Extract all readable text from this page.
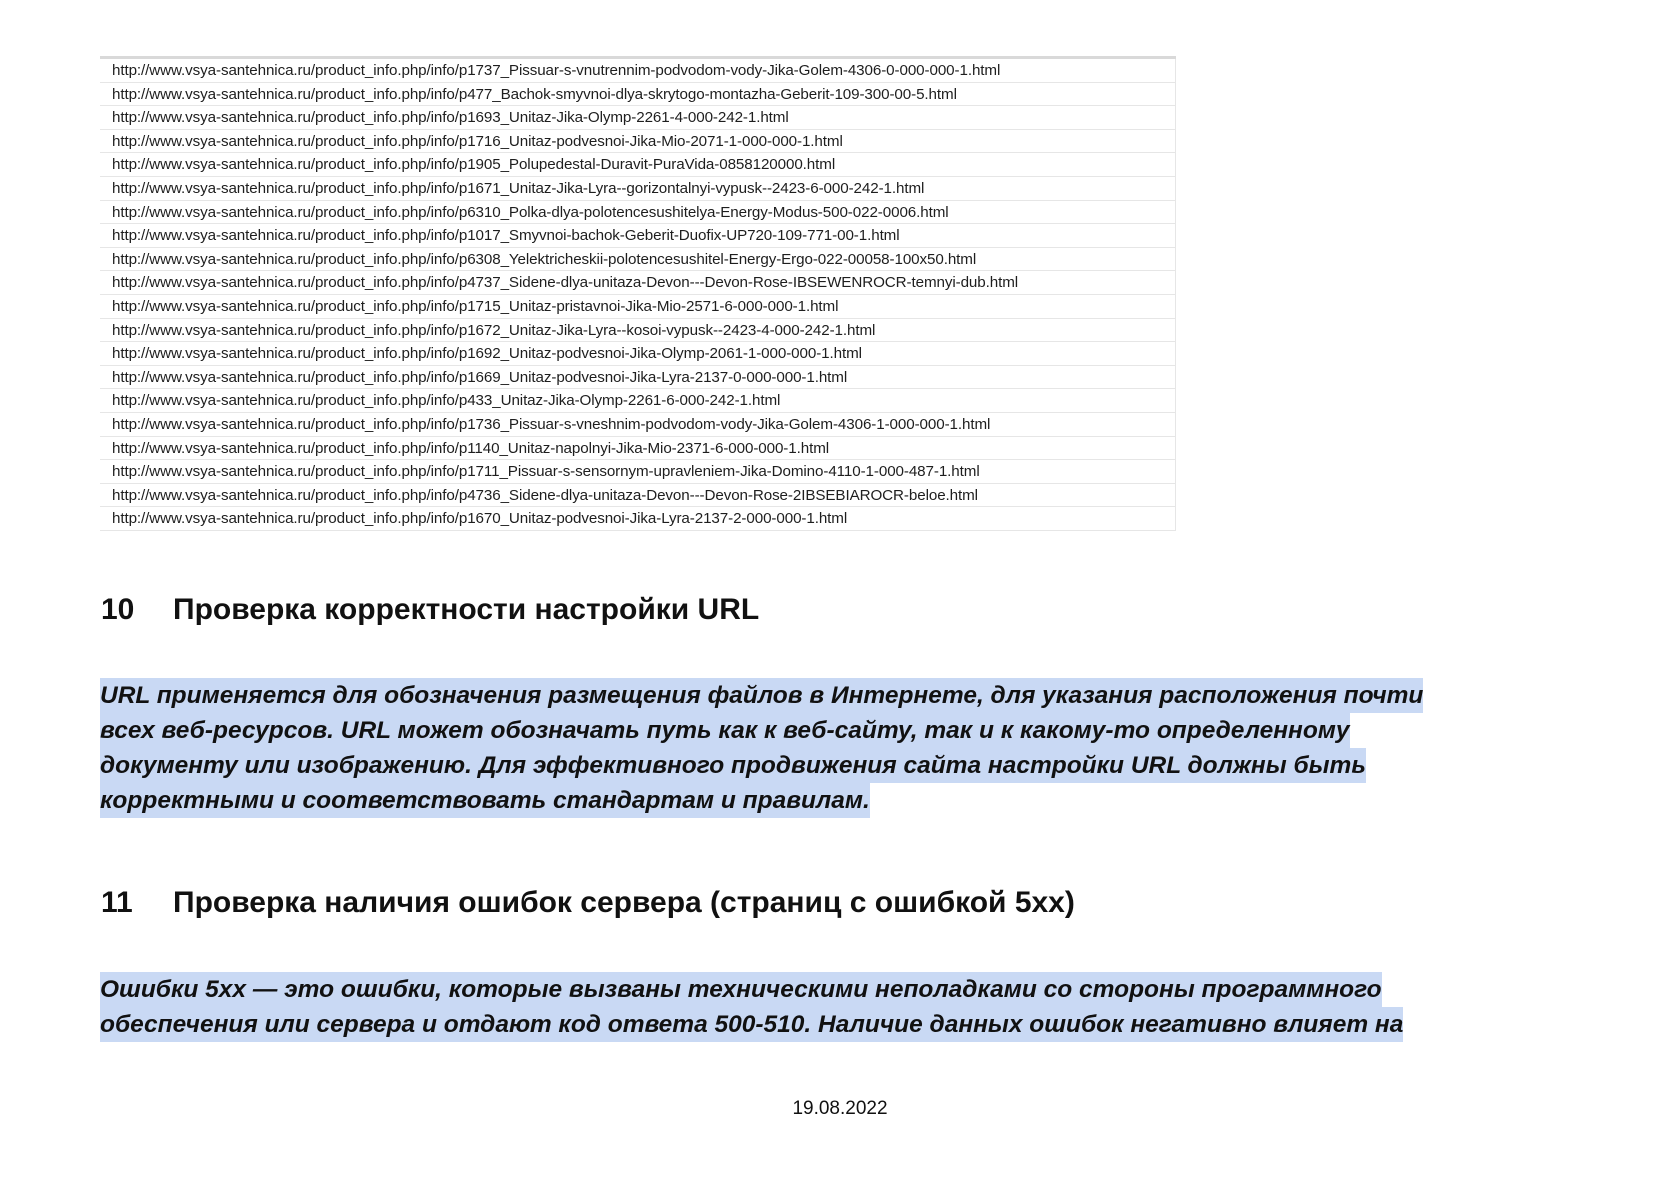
http://www.vsya-santehnica.ru/product_info.php/info/p1737_Pissuar-s-vnutrennim-podvodom-vody-Jika-Golem-4306-0-000-000-1.html
http://www.vsya-santehnica.ru/product_info.php/info/p477_Bachok-smyvnoi-dlya-skrytogo-montazha-Geberit-109-300-00-5.html
http://www.vsya-santehnica.ru/product_info.php/info/p1693_Unitaz-Jika-Olymp-2261-4-000-242-1.html
http://www.vsya-santehnica.ru/product_info.php/info/p1716_Unitaz-podvesnoi-Jika-Mio-2071-1-000-000-1.html
http://www.vsya-santehnica.ru/product_info.php/info/p1905_Polupedestal-Duravit-PuraVida-0858120000.html
http://www.vsya-santehnica.ru/product_info.php/info/p1671_Unitaz-Jika-Lyra--gorizontalnyi-vypusk--2423-6-000-242-1.html
http://www.vsya-santehnica.ru/product_info.php/info/p6310_Polka-dlya-polotencesushitelya-Energy-Modus-500-022-0006.html
http://www.vsya-santehnica.ru/product_info.php/info/p1017_Smyvnoi-bachok-Geberit-Duofix-UP720-109-771-00-1.html
http://www.vsya-santehnica.ru/product_info.php/info/p6308_Yelektricheskii-polotencesushitel-Energy-Ergo-022-00058-100x50.html
http://www.vsya-santehnica.ru/product_info.php/info/p4737_Sidene-dlya-unitaza-Devon---Devon-Rose-IBSEWENROCR-temnyi-dub.html
http://www.vsya-santehnica.ru/product_info.php/info/p1715_Unitaz-pristavnoi-Jika-Mio-2571-6-000-000-1.html
http://www.vsya-santehnica.ru/product_info.php/info/p1672_Unitaz-Jika-Lyra--kosoi-vypusk--2423-4-000-242-1.html
http://www.vsya-santehnica.ru/product_info.php/info/p1692_Unitaz-podvesnoi-Jika-Olymp-2061-1-000-000-1.html
http://www.vsya-santehnica.ru/product_info.php/info/p1669_Unitaz-podvesnoi-Jika-Lyra-2137-0-000-000-1.html
http://www.vsya-santehnica.ru/product_info.php/info/p433_Unitaz-Jika-Olymp-2261-6-000-242-1.html
http://www.vsya-santehnica.ru/product_info.php/info/p1736_Pissuar-s-vneshnim-podvodom-vody-Jika-Golem-4306-1-000-000-1.html
http://www.vsya-santehnica.ru/product_info.php/info/p1140_Unitaz-napolnyi-Jika-Mio-2371-6-000-000-1.html
http://www.vsya-santehnica.ru/product_info.php/info/p1711_Pissuar-s-sensornym-upravleniem-Jika-Domino-4110-1-000-487-1.html
http://www.vsya-santehnica.ru/product_info.php/info/p4736_Sidene-dlya-unitaza-Devon---Devon-Rose-2IBSEBIAROCR-beloe.html
http://www.vsya-santehnica.ru/product_info.php/info/p1670_Unitaz-podvesnoi-Jika-Lyra-2137-2-000-000-1.html
10 Проверка корректности настройки URL

URL применяется для обозначения размещения файлов в Интернете, для указания расположения почти
всех веб-ресурсов. URL может обозначать путь как к веб-сайту, так и к какому-то определенному
документу или изображению. Для эффективного продвижения сайта настройки URL должны быть
корректными и соответствовать стандартам и правилам.

11 Проверка наличия ошибок сервера (страниц с ошибкой 5xx)

Ошибки 5xx — это ошибки, которые вызваны техническими неполадками со стороны программного
обеспечения или сервера и отдают код ответа 500-510. Наличие данных ошибок негативно влияет на

19.08.2022
